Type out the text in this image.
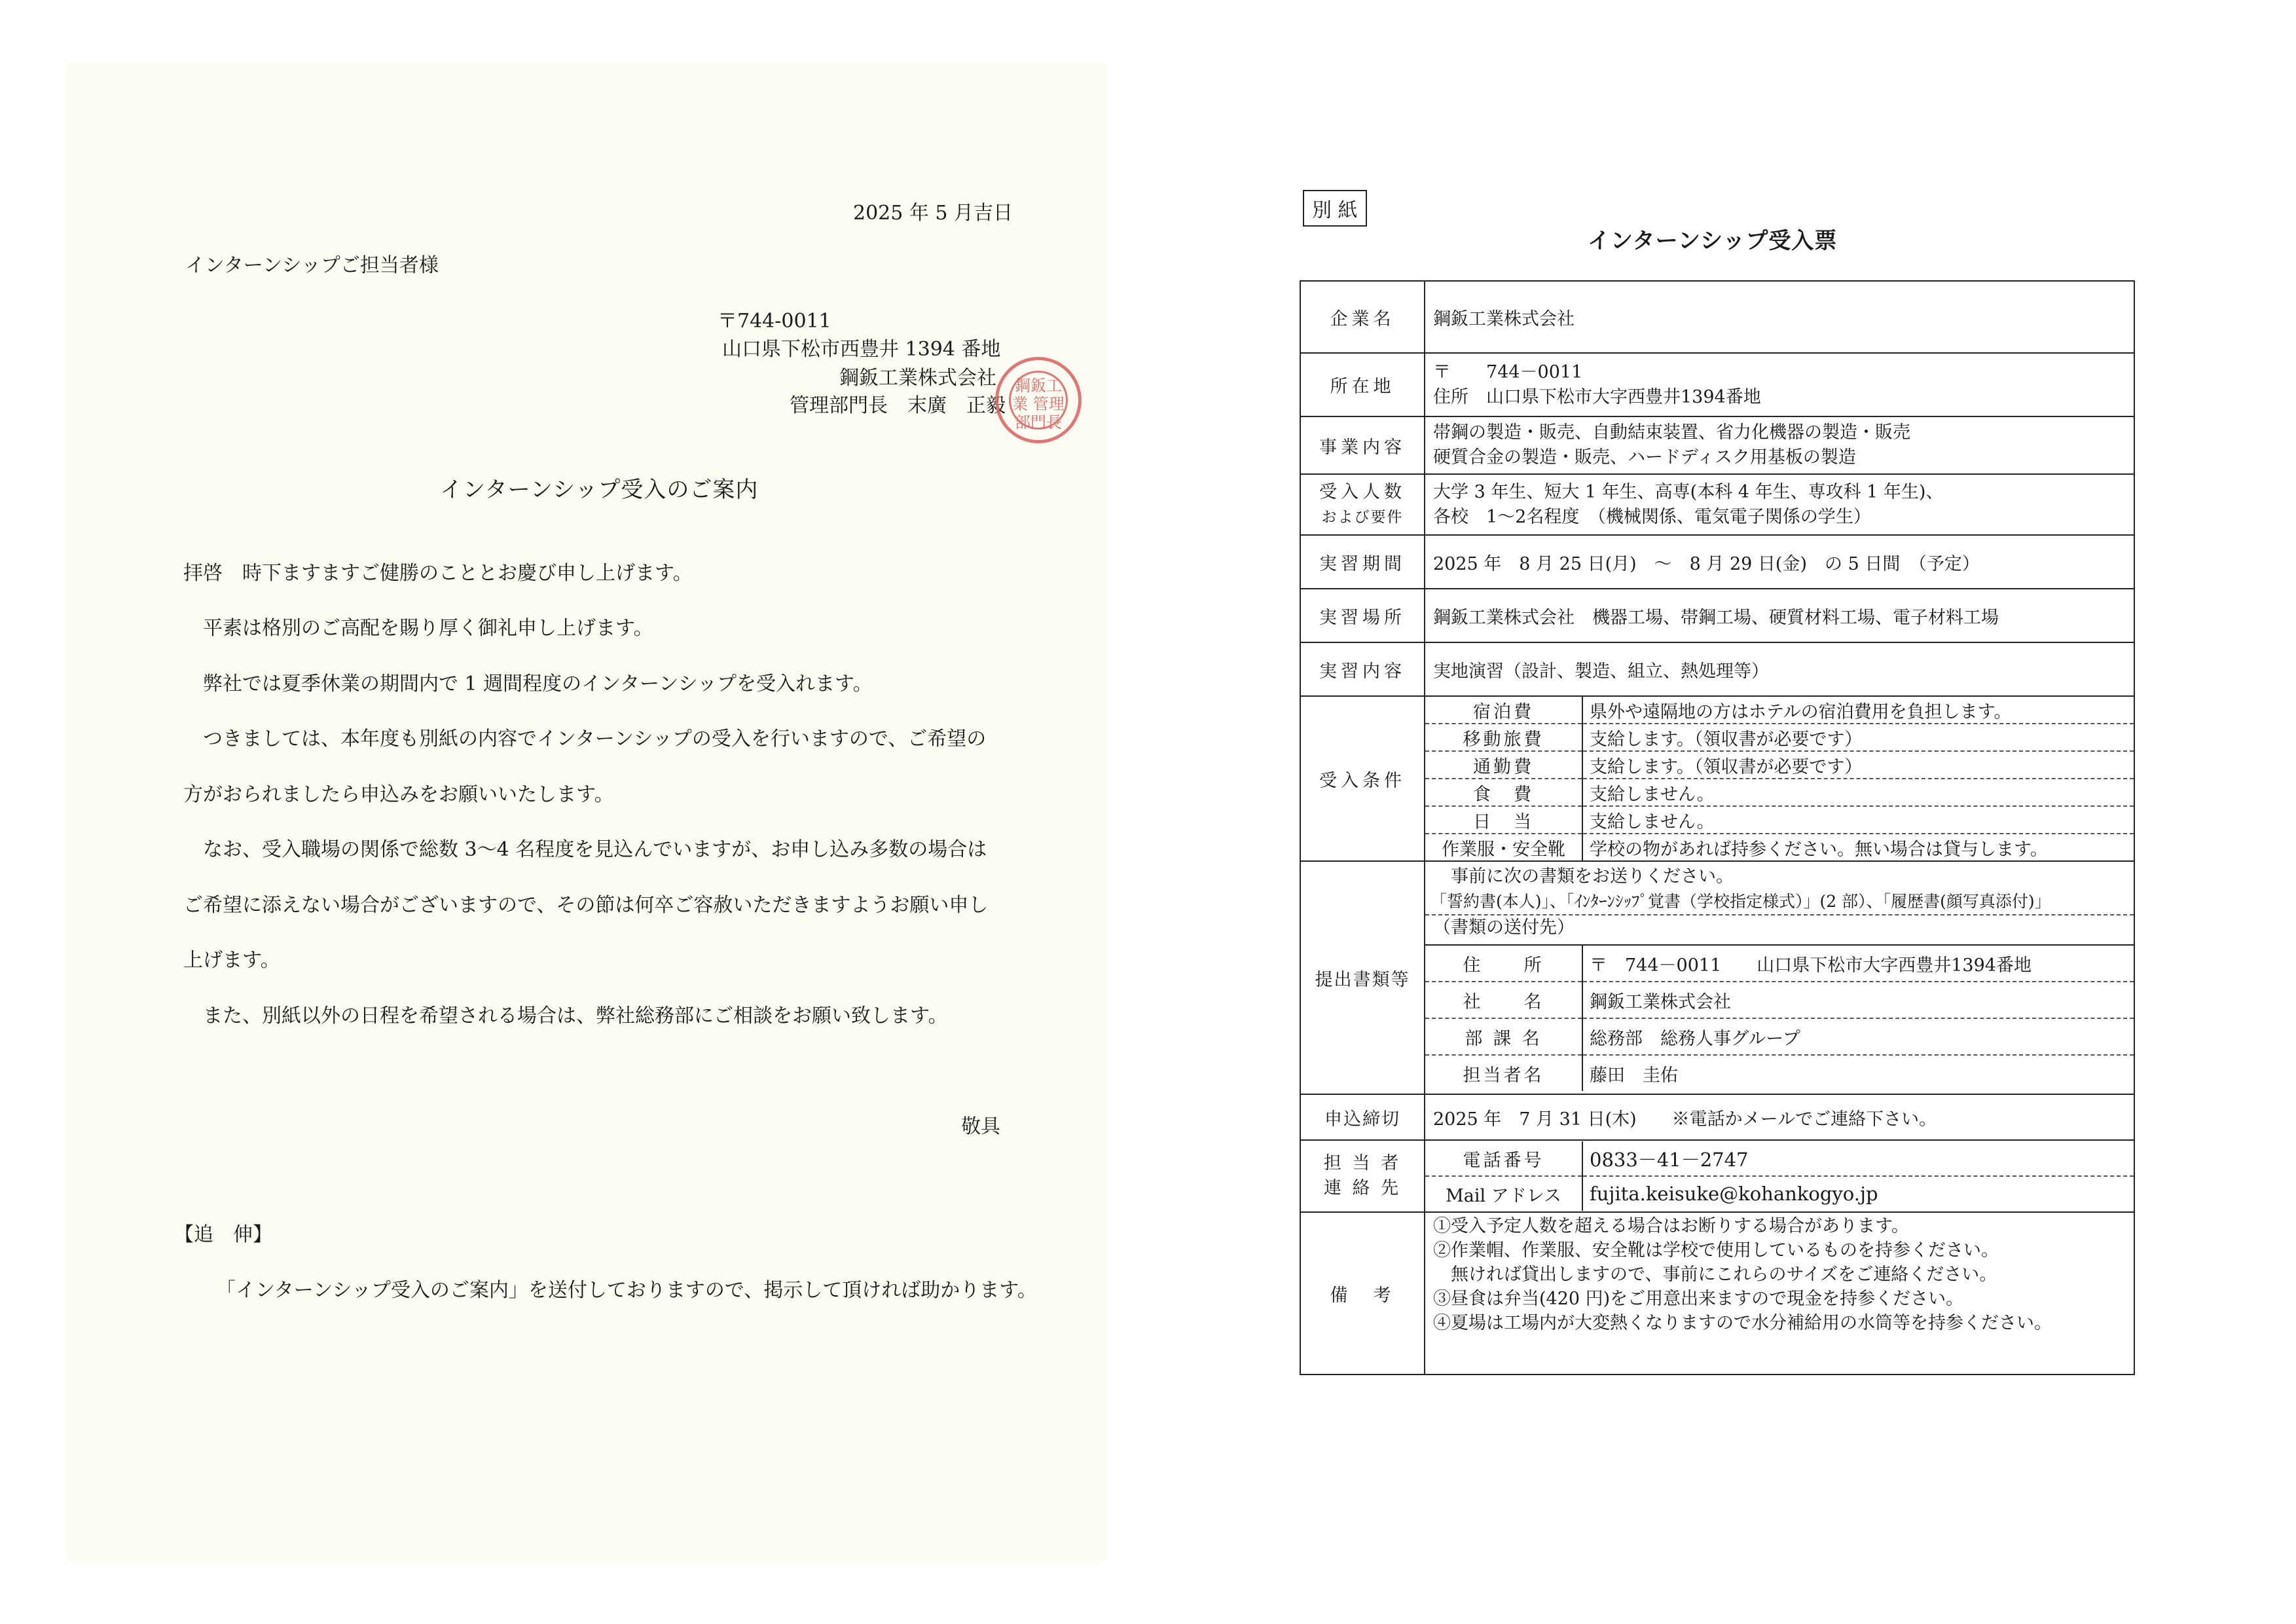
2025 年 5 月吉日
インターンシップご担当者様
〒744-0011
山口県下松市西豊井 1394 番地
鋼鈑工業株式会社
管理部門長　末廣　正毅
鋼鈑工業 管理部門長
インターンシップ受入のご案内
拝啓　時下ますますご健勝のこととお慶び申し上げます。
　平素は格別のご高配を賜り厚く御礼申し上げます。
　弊社では夏季休業の期間内で 1 週間程度のインターンシップを受入れます。
　つきましては、本年度も別紙の内容でインターンシップの受入を行いますので、ご希望の
方がおられましたら申込みをお願いいたします。
　なお、受入職場の関係で総数 3～4 名程度を見込んでいますが、お申し込み多数の場合は
ご希望に添えない場合がございますので、その節は何卒ご容赦いただきますようお願い申し
上げます。
　また、別紙以外の日程を希望される場合は、弊社総務部にご相談をお願い致します。
敬具
【追　伸】
「インターンシップ受入のご案内」を送付しておりますので、掲示して頂ければ助かります。
別 紙
インターンシップ受入票
企業名	鋼鈑工業株式会社
所在地	
〒　　744－0011
住所　山口県下松市大字西豊井1394番地

事業内容	
帯鋼の製造・販売、自動結束装置、省力化機器の製造・販売
硬質合金の製造・販売、ハードディスク用基板の製造

受入人数
および要件

大学 3 年生、短大 1 年生、高専(本科 4 年生、専攻科 1 年生)、
各校　1～2名程度　（機械関係、電気電子関係の学生）

実習期間	2025 年　8 月 25 日(月)　～　8 月 29 日(金)　の 5 日間　（予定）
実習場所	鋼鈑工業株式会社　機器工場、帯鋼工場、硬質材料工場、電子材料工場
実習内容	実地演習（設計、製造、組立、熱処理等）
受入条件	
宿泊費	県外や遠隔地の方はホテルの宿泊費用を負担します。
移動旅費	支給します。（領収書が必要です）
通勤費	支給します。（領収書が必要です）
食　費	支給しません。
日　当	支給しません。
作業服・安全靴	学校の物があれば持参ください。無い場合は貸与します。

提出書類等	
　事前に次の書類をお送りください。
「誓約書(本人)」、「ｲﾝﾀｰﾝｼｯﾌﾟ覚書（学校指定様式）」(2 部）、「履歴書(顔写真添付)」
（書類の送付先）
住　　所	〒　744－0011　　山口県下松市大字西豊井1394番地
社　　名	鋼鈑工業株式会社
部 課 名	総務部　総務人事グループ
担当者名	藤田　圭佑

申込締切	2025 年　7 月 31 日(木)　　※電話かメールでご連絡下さい。

担 当 者
連 絡 先

電話番号	0833－41－2747
Mail アドレス	fujita.keisuke@kohankogyo.jp

備　考	
①受入予定人数を超える場合はお断りする場合があります。
②作業帽、作業服、安全靴は学校で使用しているものを持参ください。
　無ければ貸出しますので、事前にこれらのサイズをご連絡ください。
③昼食は弁当(420 円)をご用意出来ますので現金を持参ください。
④夏場は工場内が大変熱くなりますので水分補給用の水筒等を持参ください。
